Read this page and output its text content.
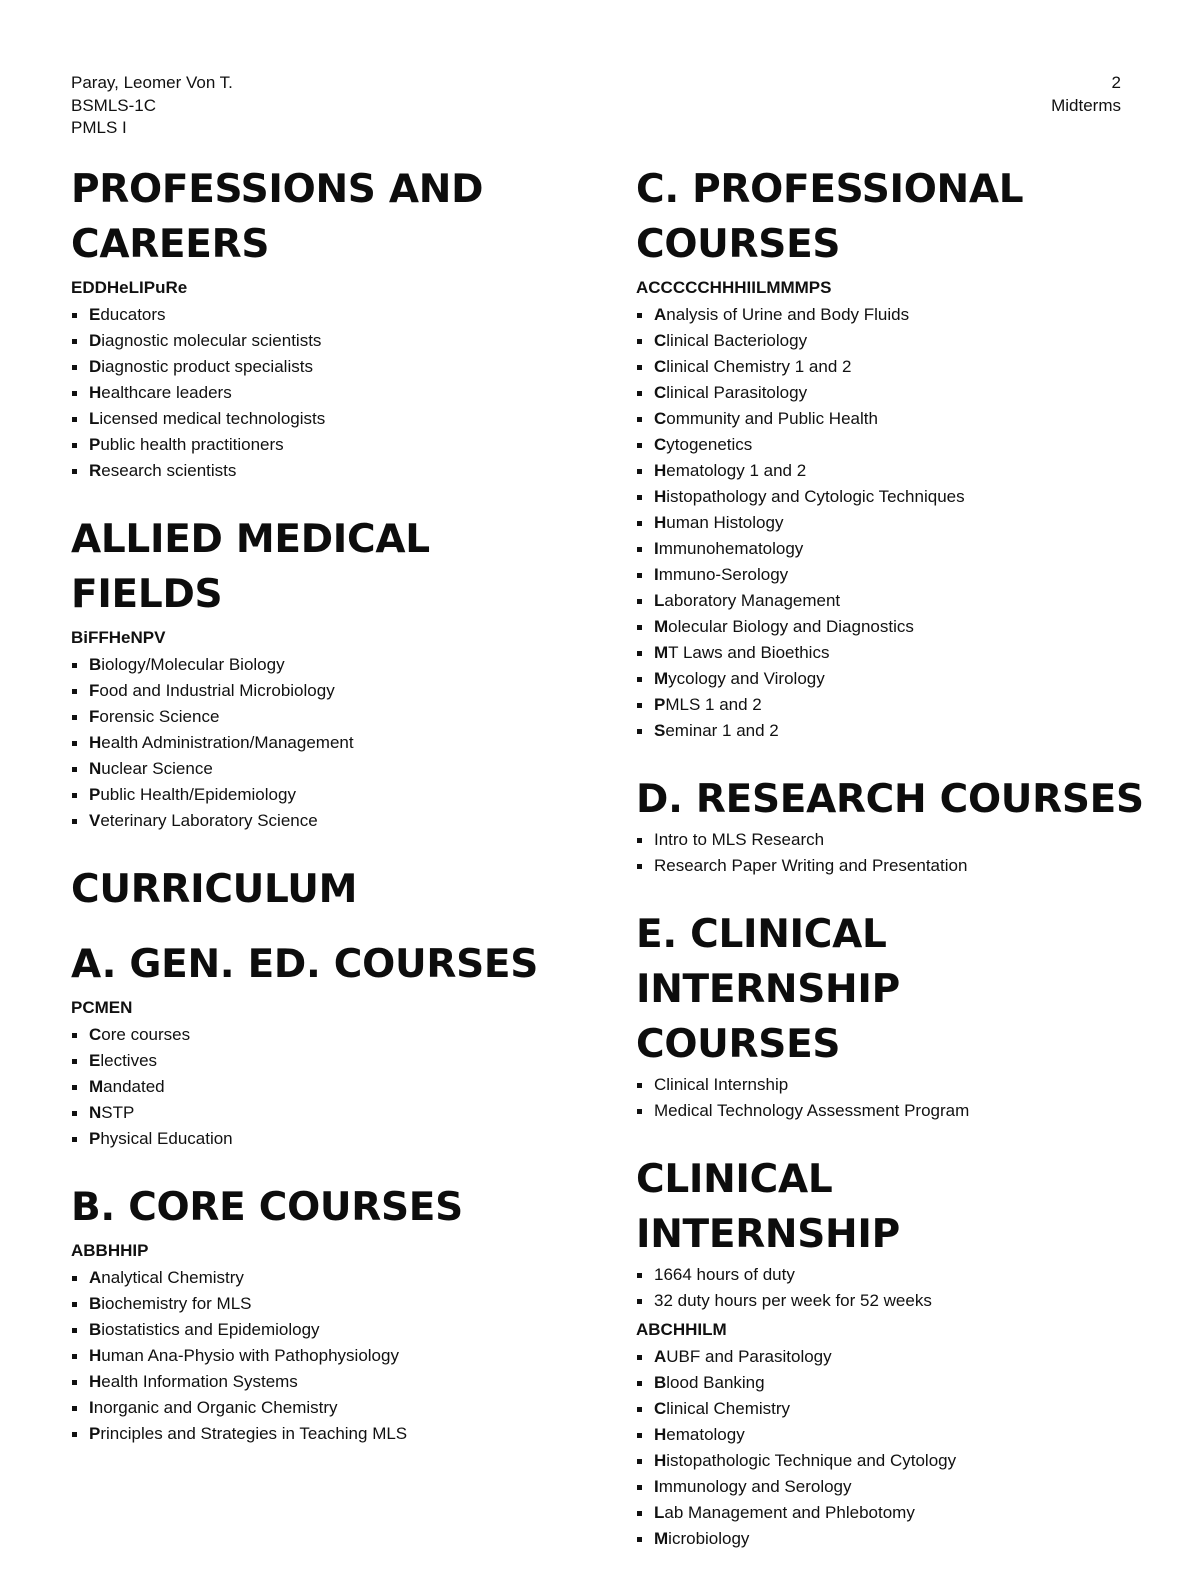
Paray, Leomer Von T.
BSMLS-1C
PMLS I
2
Midterms
PROFESSIONS AND CAREERS
EDDHeLIPuRe
Educators
Diagnostic molecular scientists
Diagnostic product specialists
Healthcare leaders
Licensed medical technologists
Public health practitioners
Research scientists
ALLIED MEDICAL FIELDS
BiFFHeNPV
Biology/Molecular Biology
Food and Industrial Microbiology
Forensic Science
Health Administration/Management
Nuclear Science
Public Health/Epidemiology
Veterinary Laboratory Science
CURRICULUM
A. GEN. ED. COURSES
PCMEN
Core courses
Electives
Mandated
NSTP
Physical Education
B. CORE COURSES
ABBHHIP
Analytical Chemistry
Biochemistry for MLS
Biostatistics and Epidemiology
Human Ana-Physio with Pathophysiology
Health Information Systems
Inorganic and Organic Chemistry
Principles and Strategies in Teaching MLS
C. PROFESSIONAL COURSES
ACCCCCHHHIILMMMPS
Analysis of Urine and Body Fluids
Clinical Bacteriology
Clinical Chemistry 1 and 2
Clinical Parasitology
Community and Public Health
Cytogenetics
Hematology 1 and 2
Histopathology and Cytologic Techniques
Human Histology
Immunohematology
Immuno-Serology
Laboratory Management
Molecular Biology and Diagnostics
MT Laws and Bioethics
Mycology and Virology
PMLS 1 and 2
Seminar 1 and 2
D. RESEARCH COURSES
Intro to MLS Research
Research Paper Writing and Presentation
E. CLINICAL INTERNSHIP COURSES
Clinical Internship
Medical Technology Assessment Program
CLINICAL INTERNSHIP
1664 hours of duty
32 duty hours per week for 52 weeks
ABCHHILM
AUBF and Parasitology
Blood Banking
Clinical Chemistry
Hematology
Histopathologic Technique and Cytology
Immunology and Serology
Lab Management and Phlebotomy
Microbiology
